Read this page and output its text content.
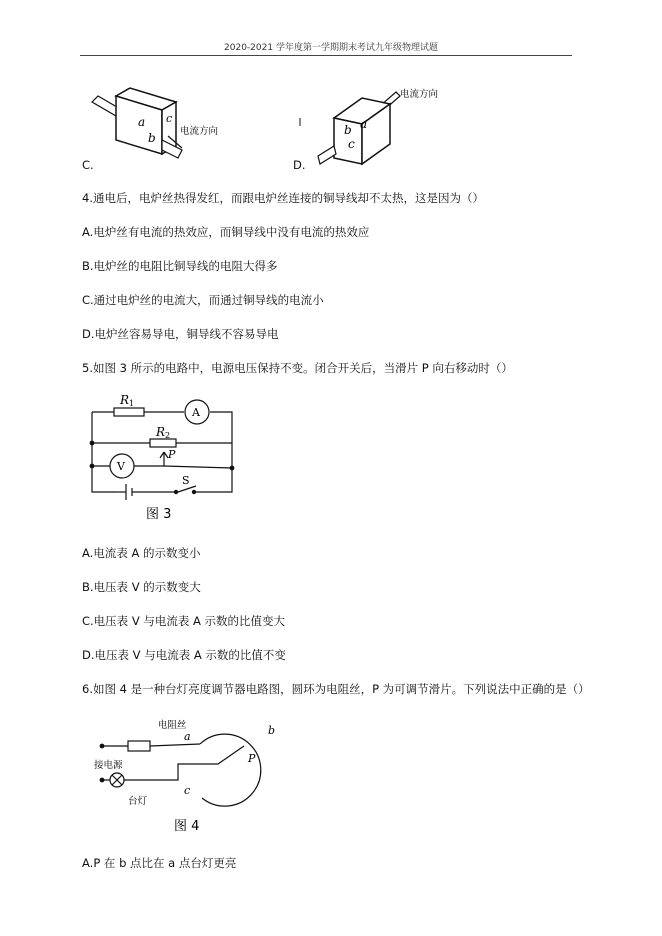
2020-2021 学年度第一学期期末考试九年级物理试题
C.
a c
b	电流方向
D.
b a
c
电流方向
4.通电后，电炉丝热得发红，而跟电炉丝连接的铜导线却不太热，这是因为（）
A.电炉丝有电流的热效应，而铜导线中没有电流的热效应
B.电炉丝的电阻比铜导线的电阻大得多
C.通过电炉丝的电流大，而通过铜导线的电流小
D.电炉丝容易导电，铜导线不容易导电
5.如图 3 所示的电路中，电源电压保持不变。闭合开关后，当滑片 P 向右移动时（）
R 1
R 2
A
V
P
S
图 3
A.电流表 A 的示数变小
B.电压表 V 的示数变大
C.电压表 V 与电流表 A 示数的比值变大
D.电压表 V 与电流表 A 示数的比值不变
6.如图 4 是一种台灯亮度调节器电路图，圆环为电阻丝，P 为可调节滑片。下列说法中正确的是（）
电阻丝
接电源
台灯
a	b
c
P
图 4
A.P 在 b 点比在 a 点台灯更亮
